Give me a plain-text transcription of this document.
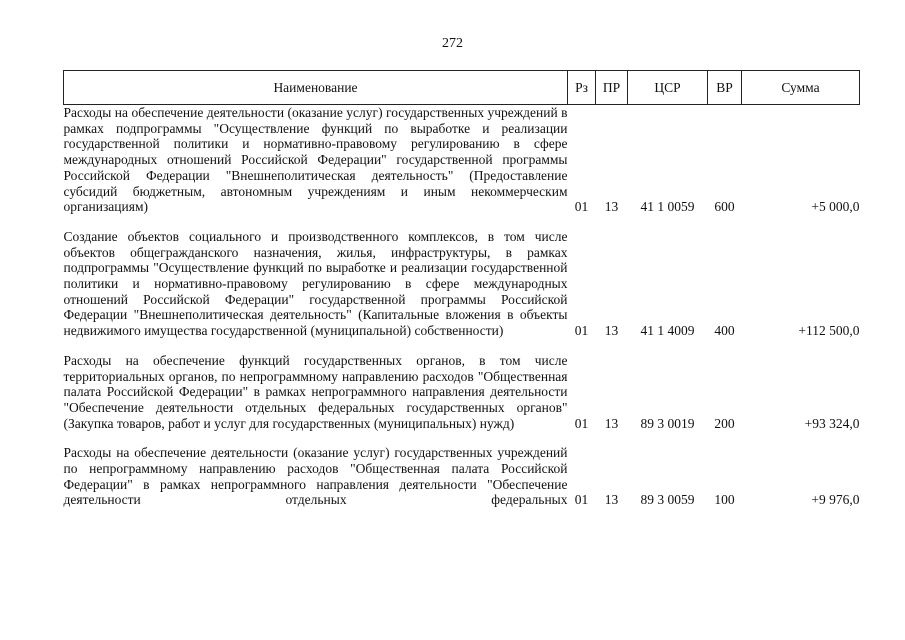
272
Наименование	Рз	ПР	ЦСР	ВР	Сумма
Расходы на обеспечение деятельности (оказание услуг) государственных учреждений в рамках подпрограммы "Осуществление функций по выработке и реализации государственной политики и нормативно-правовому регулированию в сфере международных отношений Российской Федерации" государственной программы Российской Федерации "Внешнеполитическая деятельность" (Предоставление субсидий бюджетным, автономным учреждениям и иным некоммерческим организациям)	01	13	41 1 0059	600	+5 000,0

Создание объектов социального и производственного комплексов, в том числе объектов общегражданского назначения, жилья, инфраструктуры, в рамках подпрограммы "Осуществление функций по выработке и реализации государственной политики и нормативно-правовому регулированию в сфере международных отношений Российской Федерации" государственной программы Российской Федерации "Внешнеполитическая деятельность" (Капитальные вложения в объекты недвижимого имущества государственной (муниципальной) собственности)	01	13	41 1 4009	400	+112 500,0

Расходы на обеспечение функций государственных органов, в том числе территориальных органов, по непрограммному направлению расходов "Общественная палата Российской Федерации" в рамках непрограммного направления деятельности "Обеспечение деятельности отдельных федеральных государственных органов" (Закупка товаров, работ и услуг для государственных (муниципальных) нужд)	01	13	89 3 0019	200	+93 324,0

Расходы на обеспечение деятельности (оказание услуг) государственных учреждений по непрограммному направлению расходов "Общественная палата Российской Федерации" в рамках непрограммного направления деятельности "Обеспечение деятельности отдельных федеральных	01	13	89 3 0059	100	+9 976,0
